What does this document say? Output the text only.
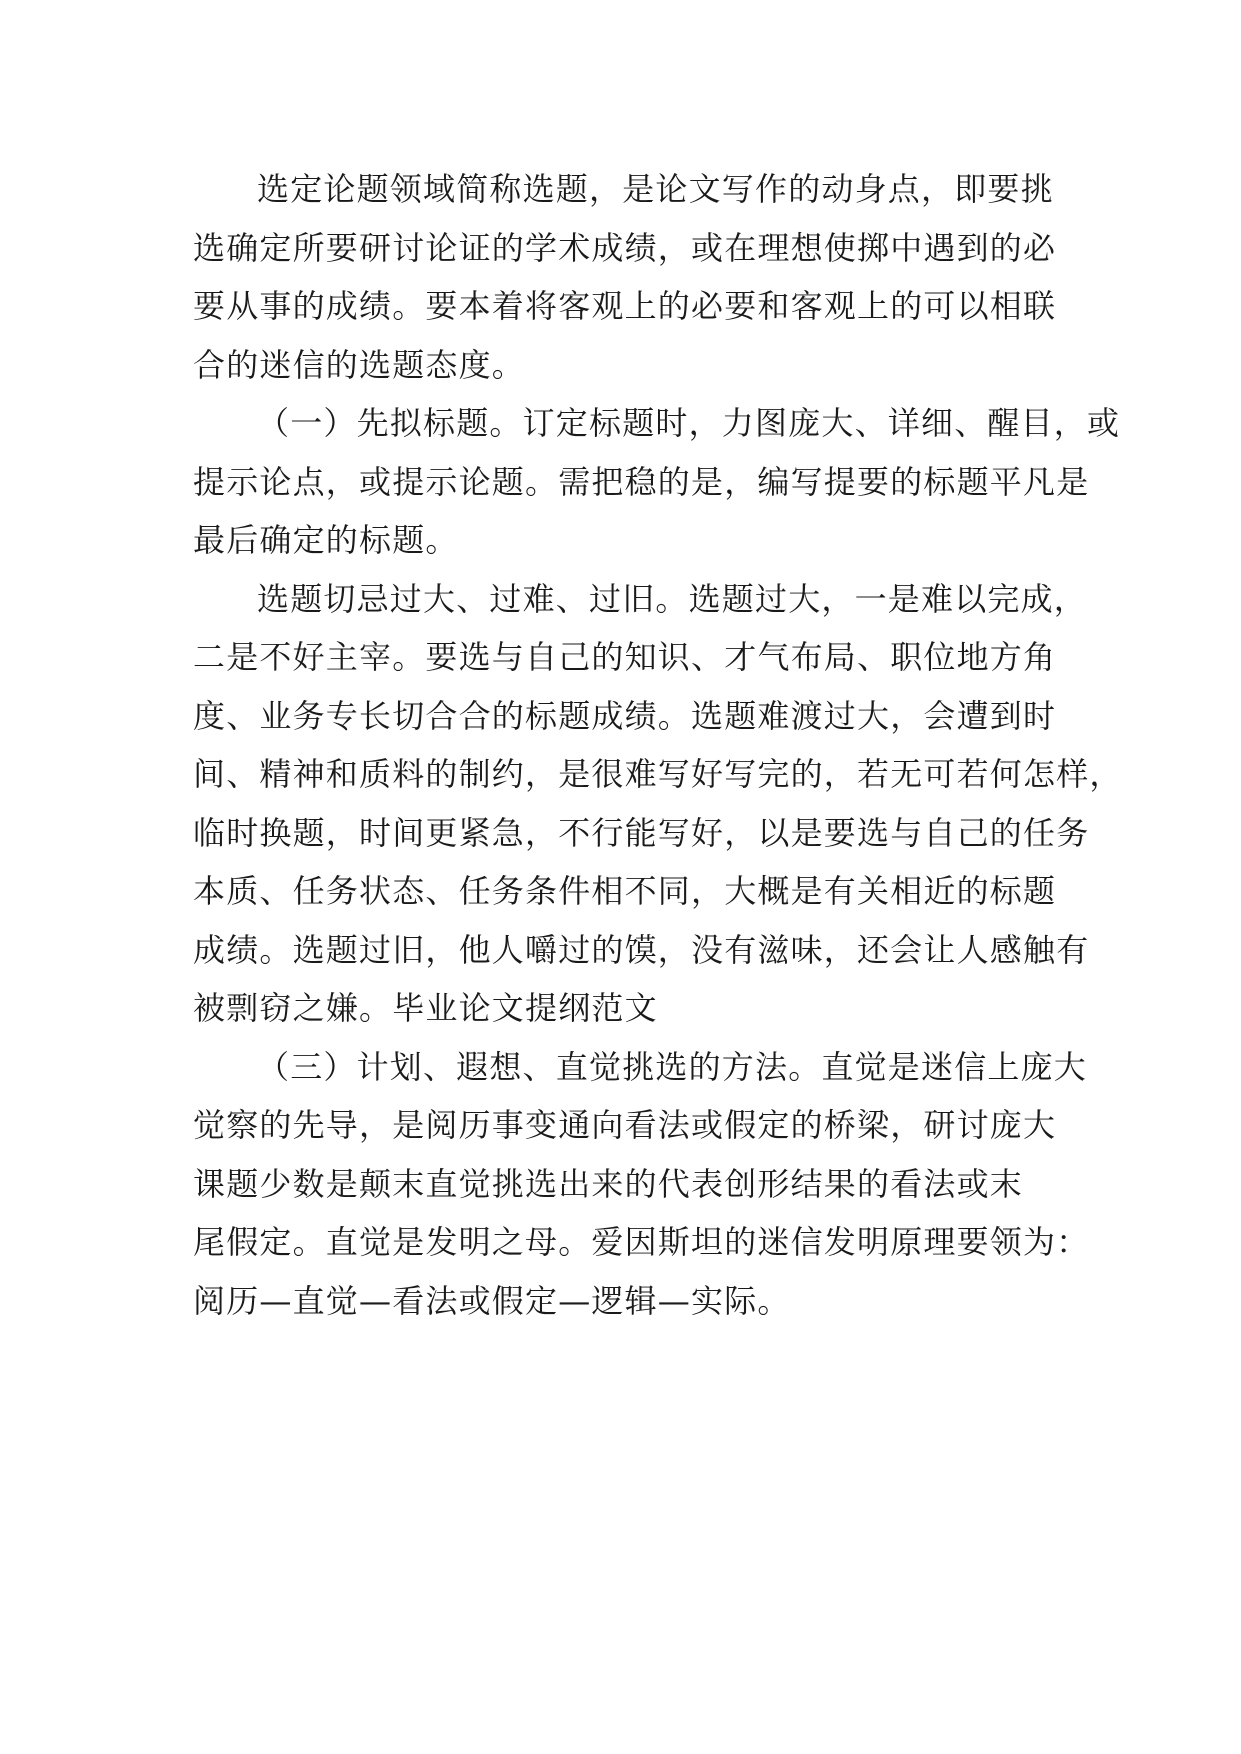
选定论题领域简称选题，是论文写作的动身点，即要挑
选确定所要研讨论证的学术成绩，或在理想使掷中遇到的必
要从事的成绩。要本着将客观上的必要和客观上的可以相联
合的迷信的选题态度。

（一）先拟标题。订定标题时，力图庞大、详细、醒目，或
提示论点，或提示论题。需把稳的是，编写提要的标题平凡是
最后确定的标题。

选题切忌过大、过难、过旧。选题过大，一是难以完成，
二是不好主宰。要选与自己的知识、才气布局、职位地方角
度、业务专长切合合的标题成绩。选题难渡过大，会遭到时
间、精神和质料的制约，是很难写好写完的，若无可若何怎样，
临时换题，时间更紧急，不行能写好，以是要选与自己的任务
本质、任务状态、任务条件相不同，大概是有关相近的标题
成绩。选题过旧，他人嚼过的馍，没有滋味，还会让人感触有
被剽窃之嫌。毕业论文提纲范文

（三）计划、遐想、直觉挑选的方法。直觉是迷信上庞大
觉察的先导，是阅历事变通向看法或假定的桥梁，研讨庞大
课题少数是颠末直觉挑选出来的代表创形结果的看法或末
尾假定。直觉是发明之母。爱因斯坦的迷信发明原理要领为：
阅历—直觉—看法或假定—逻辑—实际。
